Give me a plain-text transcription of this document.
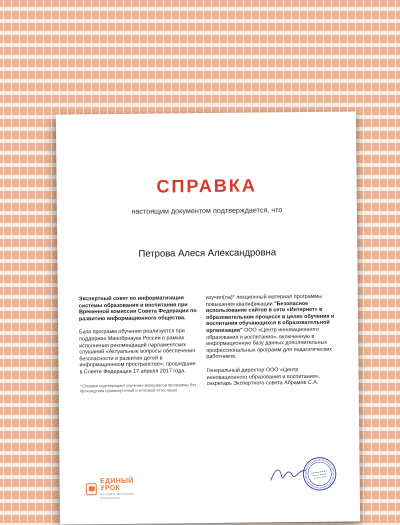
СПРАВКА
настоящим документом подтверждается, что
Петрова Алеся Александровна
Экспертный совет по информатизации системы образования и воспитания при Временной комиссии Совета Федерации по развитию информационного общества.
База программ обучения реализуется при поддержке Минобрнауки России в рамках исполнения рекомендаций парламентских слушаний «Актуальные вопросы обеспечения безопасности и развития детей в информационном пространстве», прошедшие в Совете Федерации 17 апреля 2017 года.
* Справка подтверждает изучение материалов программы без прохождения промежуточной и итоговой аттестации
изучил(ла)* лекционный материал программы повышения квалификации "Безопасное использование сайтов в сети «Интернет» в образовательном процессе в целях обучения и воспитания обучающихся в образовательной организации" ООО «Центр инновационного образования и воспитания», включенную в информационную базу данных дополнительных профессиональных программ для педагогических работников.
Генеральный директор ООО «Центр инновационного образования и воспитания», секретарь Экспертного совета Абрамов С.А.
ЕДИНЫЙ УРОК
НАХОДКИ, МЕТОДИКИ, МАТЕРИАЛЫ
